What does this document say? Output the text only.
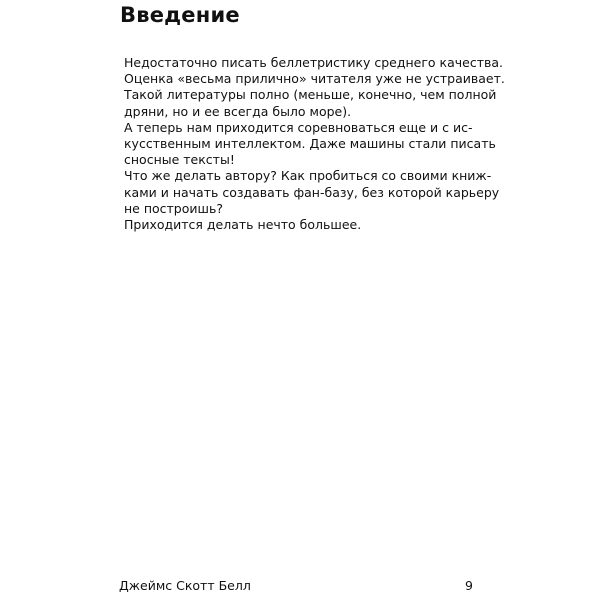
Введение

Недостаточно писать беллетристику среднего качества.
Оценка «весьма прилично» читателя уже не устраивает.
Такой литературы полно (меньше, конечно, чем полной
дряни, но и ее всегда было море).
А теперь нам приходится соревноваться еще и с ис-
кусственным интеллектом. Даже машины стали писать
сносные тексты!
Что же делать автору? Как пробиться со своими книж-
ками и начать создавать фан-базу, без которой карьеру
не построишь?
Приходится делать нечто большее.

Джеймс Скотт Белл	9
